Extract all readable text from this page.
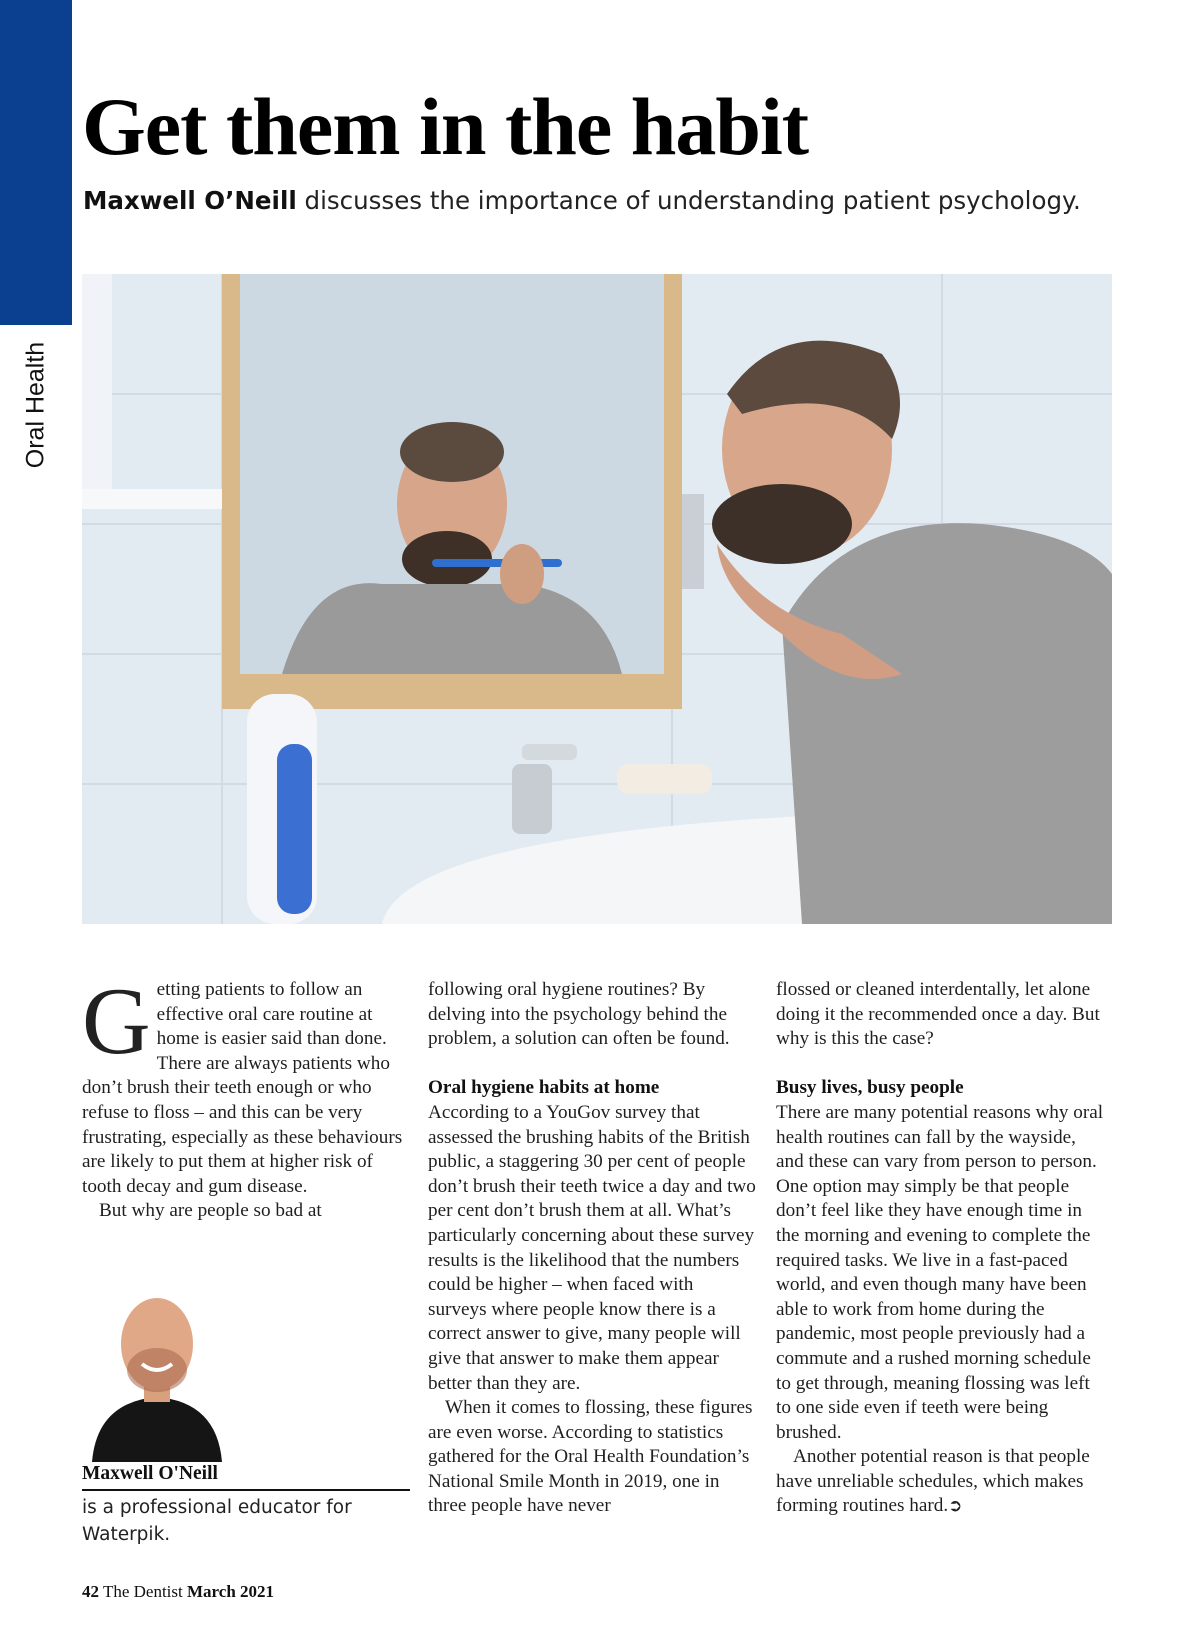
Oral Health
Get them in the habit

Maxwell O’Neill discusses the importance of understanding patient psychology.

Getting patients to follow an effective oral care routine at home is easier said than done. There are always patients who don’t brush their teeth enough or who refuse to floss – and this can be very frustrating, especially as these behaviours are likely to put them at higher risk of tooth decay and gum disease.

But why are people so bad at

following oral hygiene routines? By delving into the psychology behind the problem, a solution can often be found.

Oral hygiene habits at home

According to a YouGov survey that assessed the brushing habits of the British public, a staggering 30 per cent of people don’t brush their teeth twice a day and two per cent don’t brush them at all. What’s particularly concerning about these survey results is the likelihood that the numbers could be higher – when faced with surveys where people know there is a correct answer to give, many people will give that answer to make them appear better than they are.

When it comes to flossing, these figures are even worse. According to statistics gathered for the Oral Health Foundation’s National Smile Month in 2019, one in three people have never

flossed or cleaned interdentally, let alone doing it the recommended once a day. But why is this the case?

Busy lives, busy people

There are many potential reasons why oral health routines can fall by the wayside, and these can vary from person to person. One option may simply be that people don’t feel like they have enough time in the morning and evening to complete the required tasks. We live in a fast-paced world, and even though many have been able to work from home during the pandemic, most people previously had a commute and a rushed morning schedule to get through, meaning flossing was left to one side even if teeth were being brushed.

Another potential reason is that people have unreliable schedules, which makes forming routines hard.➲

Maxwell O'Neill
is a professional educator for Waterpik.
42 The Dentist March 2021
